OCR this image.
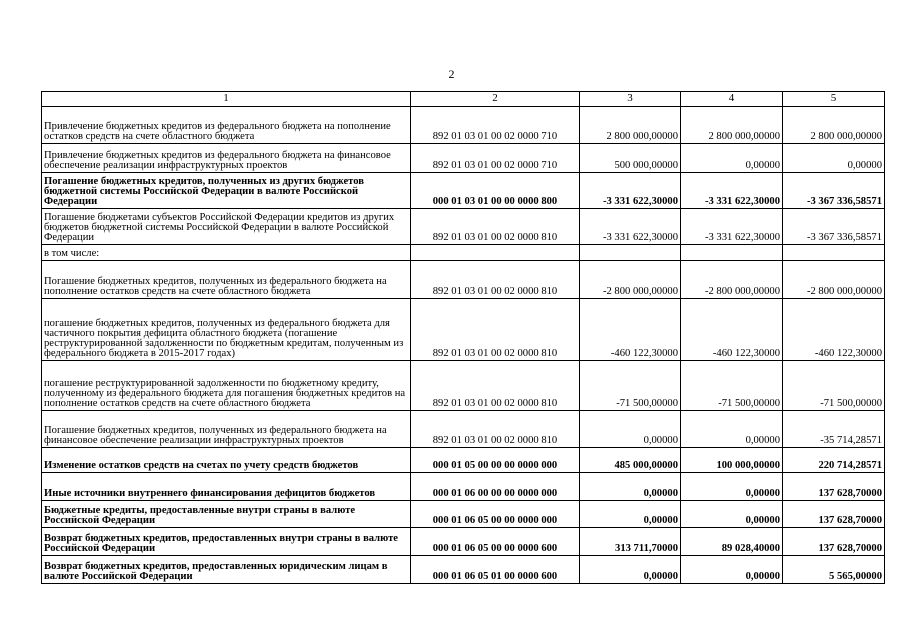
2
1	2	3	4	5
Привлечение бюджетных кредитов из федерального бюджета на пополнение остатков средств на счете областного бюджета	892 01 03 01 00 02 0000 710	2 800 000,00000	2 800 000,00000	2 800 000,00000
Привлечение бюджетных кредитов из федерального бюджета на финансовое обеспечение реализации инфраструктурных проектов	892 01 03 01 00 02 0000 710	500 000,00000	0,00000	0,00000
Погашение бюджетных кредитов, полученных из других бюджетов бюджетной системы Российской Федерации в валюте Российской Федерации	000 01 03 01 00 00 0000 800	-3 331 622,30000	-3 331 622,30000	-3 367 336,58571
Погашение бюджетами субъектов Российской Федерации кредитов из других бюджетов бюджетной системы Российской Федерации в валюте Российской Федерации	892 01 03 01 00 02 0000 810	-3 331 622,30000	-3 331 622,30000	-3 367 336,58571
в том числе:				
Погашение бюджетных кредитов, полученных из федерального бюджета на пополнение остатков средств на счете областного бюджета	892 01 03 01 00 02 0000 810	-2 800 000,00000	-2 800 000,00000	-2 800 000,00000
погашение бюджетных кредитов, полученных из федерального бюджета для частичного покрытия дефицита областного бюджета (погашение реструктурированной задолженности по бюджетным кредитам, полученным из федерального бюджета в 2015-2017 годах)	892 01 03 01 00 02 0000 810	-460 122,30000	-460 122,30000	-460 122,30000
погашение реструктурированной задолженности по бюджетному кредиту, полученному из федерального бюджета для погашения бюджетных кредитов на пополнение остатков средств на счете областного бюджета	892 01 03 01 00 02 0000 810	-71 500,00000	-71 500,00000	-71 500,00000
Погашение бюджетных кредитов, полученных из федерального бюджета на финансовое обеспечение реализации инфраструктурных проектов	892 01 03 01 00 02 0000 810	0,00000	0,00000	-35 714,28571
Изменение остатков средств на счетах по учету средств бюджетов	000 01 05 00 00 00 0000 000	485 000,00000	100 000,00000	220 714,28571
Иные источники внутреннего финансирования дефицитов бюджетов	000 01 06 00 00 00 0000 000	0,00000	0,00000	137 628,70000
Бюджетные кредиты, предоставленные внутри страны в валюте Российской Федерации	000 01 06 05 00 00 0000 000	0,00000	0,00000	137 628,70000
Возврат бюджетных кредитов, предоставленных внутри страны в валюте Российской Федерации	000 01 06 05 00 00 0000 600	313 711,70000	89 028,40000	137 628,70000
Возврат бюджетных кредитов, предоставленных юридическим лицам в валюте Российской Федерации	000 01 06 05 01 00 0000 600	0,00000	0,00000	5 565,00000
